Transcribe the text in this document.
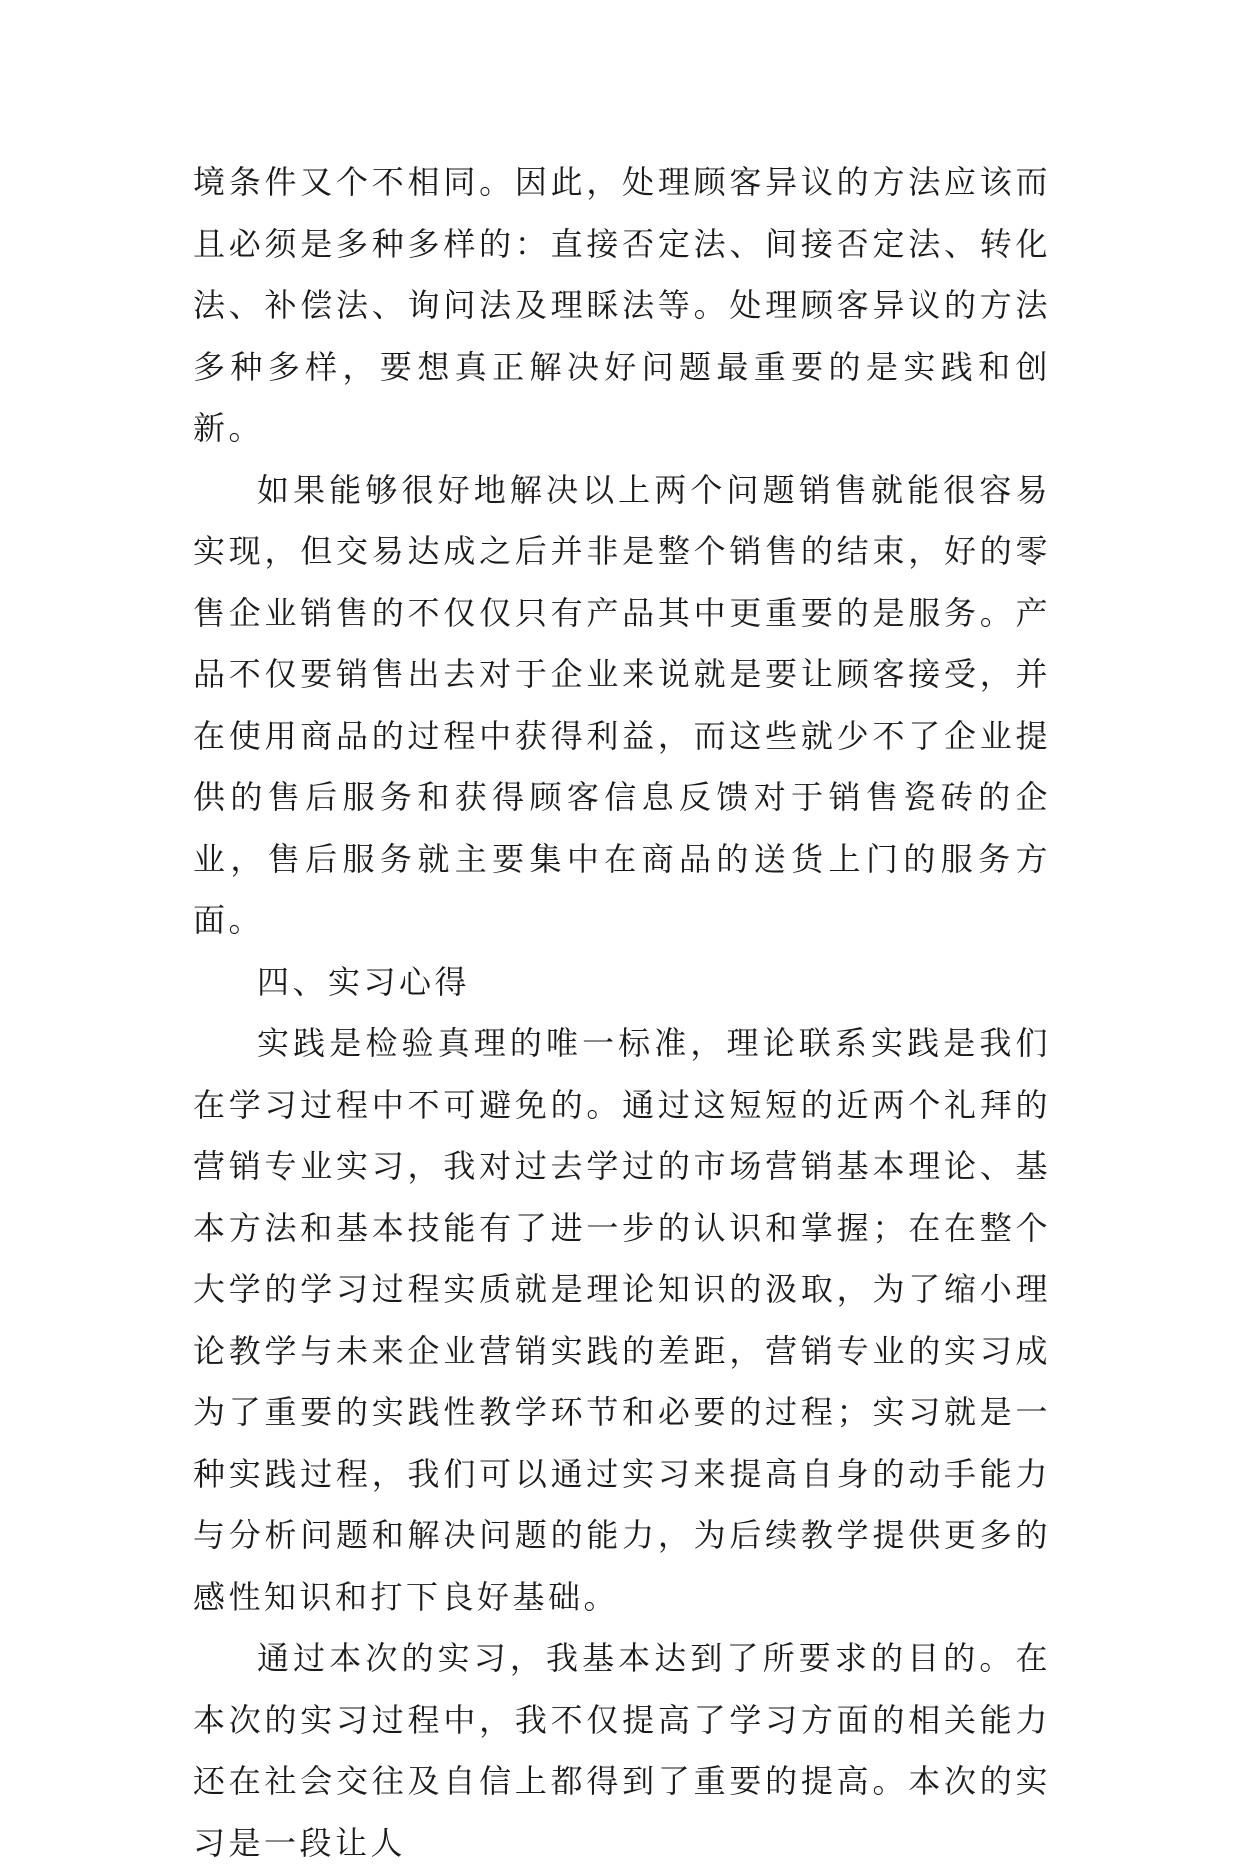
境条件又个不相同。因此，处理顾客异议的方法应该而且必须是多种多样的：直接否定法、间接否定法、转化法、补偿法、询问法及理睬法等。处理顾客异议的方法多种多样，要想真正解决好问题最重要的是实践和创新。

如果能够很好地解决以上两个问题销售就能很容易实现，但交易达成之后并非是整个销售的结束，好的零售企业销售的不仅仅只有产品其中更重要的是服务。产品不仅要销售出去对于企业来说就是要让顾客接受，并在使用商品的过程中获得利益，而这些就少不了企业提供的售后服务和获得顾客信息反馈对于销售瓷砖的企业，售后服务就主要集中在商品的送货上门的服务方面。

四、实习心得

实践是检验真理的唯一标准，理论联系实践是我们在学习过程中不可避免的。通过这短短的近两个礼拜的营销专业实习，我对过去学过的市场营销基本理论、基本方法和基本技能有了进一步的认识和掌握；在在整个大学的学习过程实质就是理论知识的汲取，为了缩小理论教学与未来企业营销实践的差距，营销专业的实习成为了重要的实践性教学环节和必要的过程；实习就是一种实践过程，我们可以通过实习来提高自身的动手能力与分析问题和解决问题的能力，为后续教学提供更多的感性知识和打下良好基础。

通过本次的实习，我基本达到了所要求的目的。在本次的实习过程中，我不仅提高了学习方面的相关能力还在社会交往及自信上都得到了重要的提高。本次的实习是一段让人
